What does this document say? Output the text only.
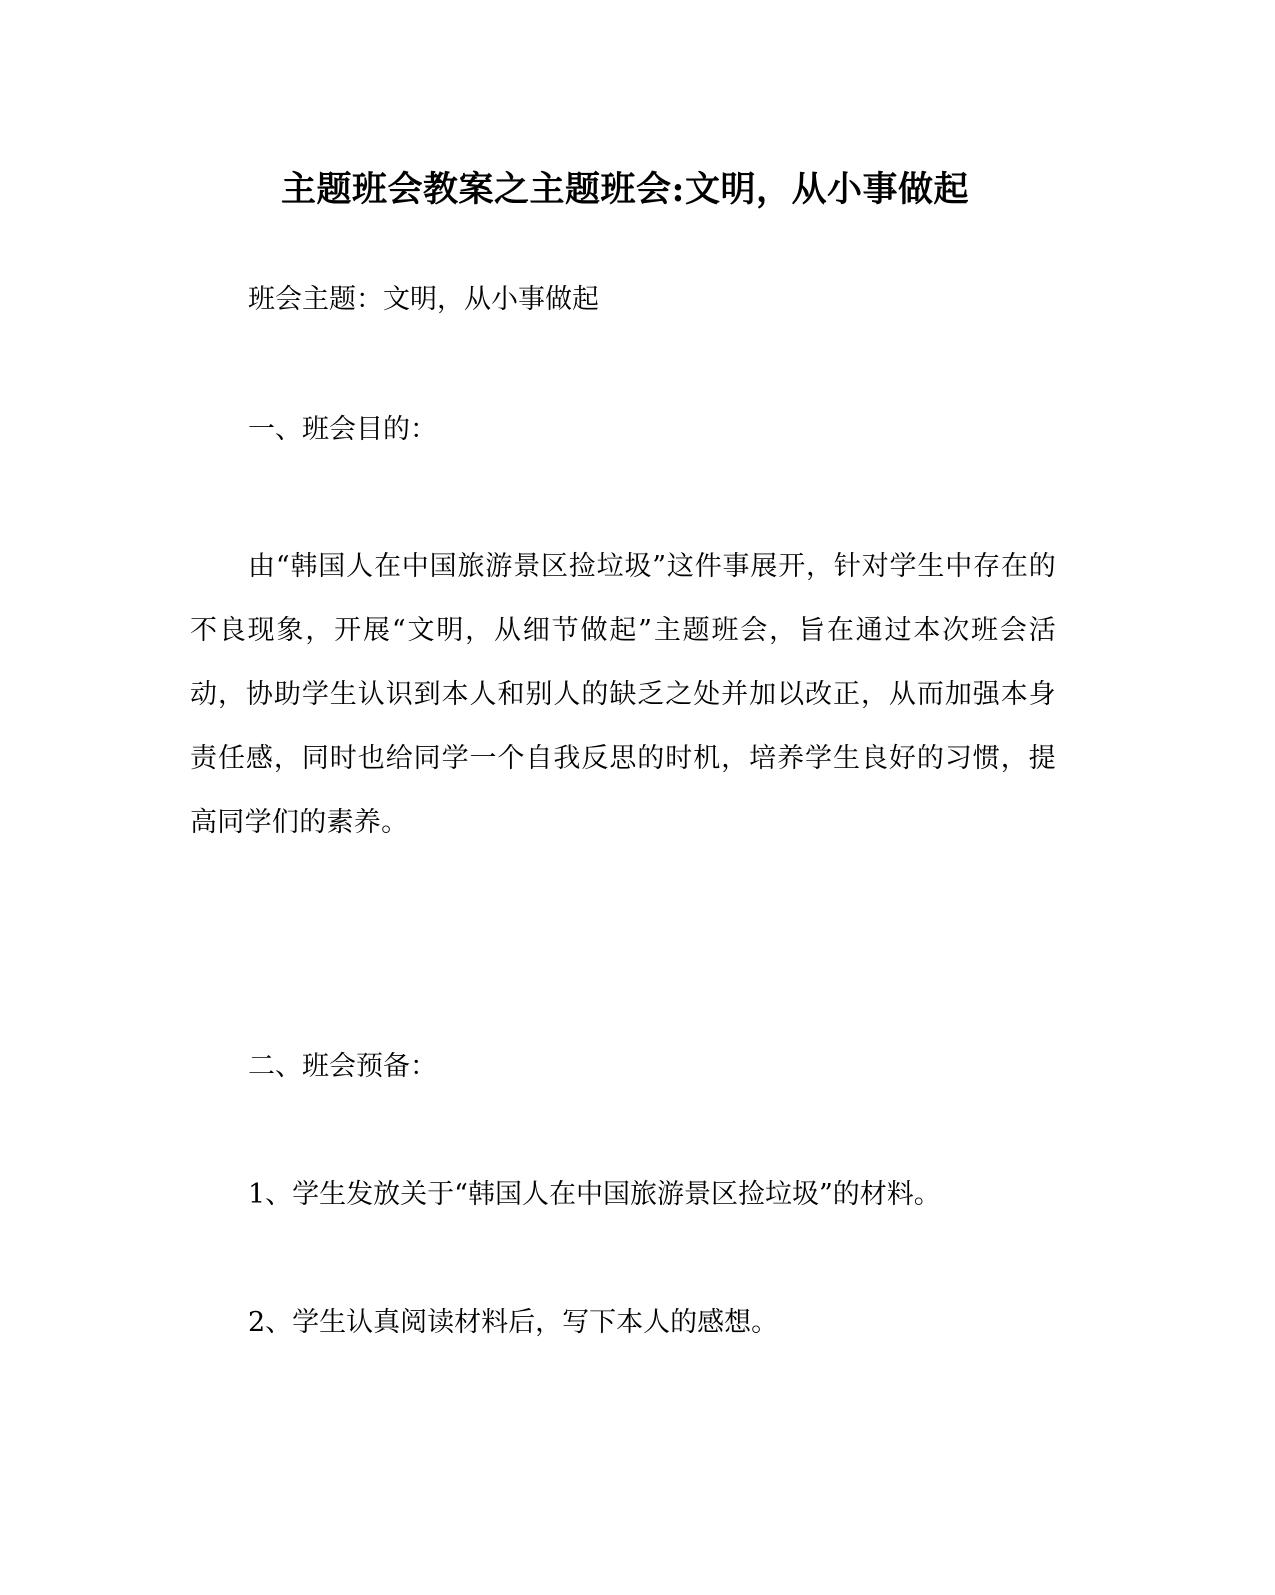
主题班会教案之主题班会:文明，从小事做起
班会主题：文明，从小事做起
一、班会目的：
由“韩国人在中国旅游景区捡垃圾”这件事展开，针对学生中存在的不良现象，开展“文明，从细节做起”主题班会，旨在通过本次班会活动，协助学生认识到本人和别人的缺乏之处并加以改正，从而加强本身责任感，同时也给同学一个自我反思的时机，培养学生良好的习惯，提高同学们的素养。
二、班会预备：
1、学生发放关于“韩国人在中国旅游景区捡垃圾”的材料。
2、学生认真阅读材料后，写下本人的感想。
